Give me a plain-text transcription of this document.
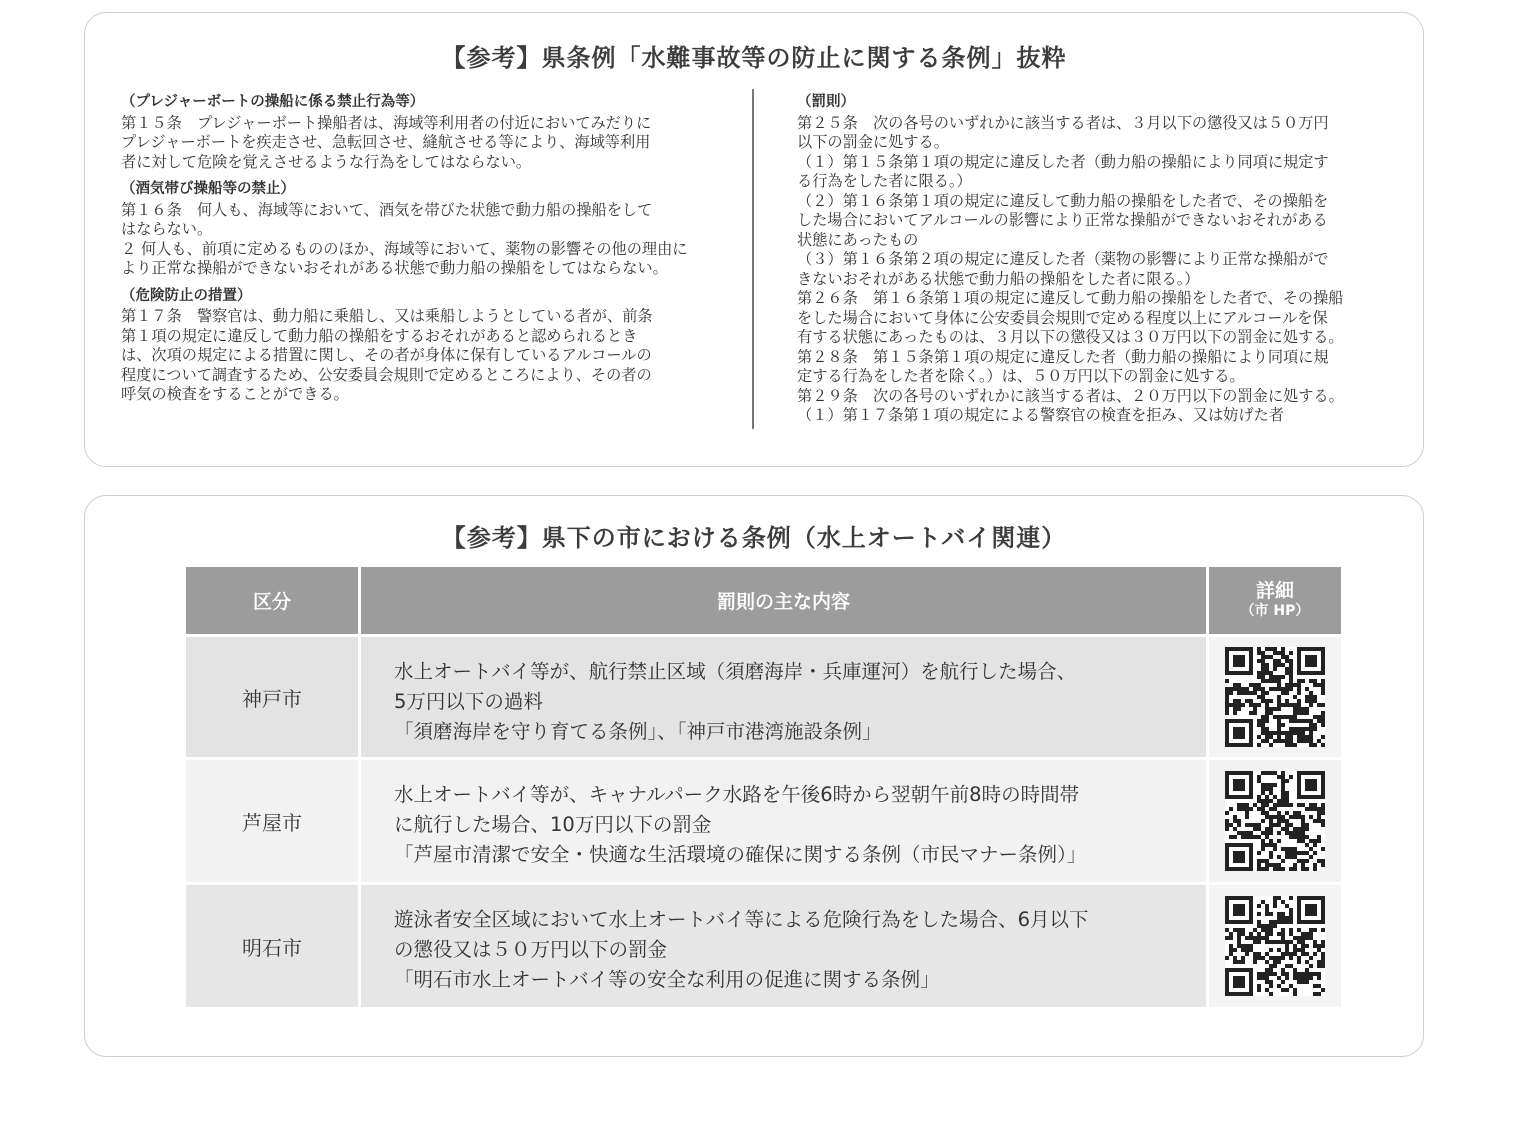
【参考】県条例「水難事故等の防止に関する条例」抜粋
（プレジャーボートの操船に係る禁止行為等）

第１５条　プレジャーボート操船者は、海域等利用者の付近においてみだりに
プレジャーボートを疾走させ、急転回させ、縫航させる等により、海域等利用
者に対して危険を覚えさせるような行為をしてはならない。

（酒気帯び操船等の禁止）

第１６条　何人も、海域等において、酒気を帯びた状態で動力船の操船をして
はならない。

２ 何人も、前項に定めるもののほか、海域等において、薬物の影響その他の理由に
より正常な操船ができないおそれがある状態で動力船の操船をしてはならない。

（危険防止の措置）

第１７条　警察官は、動力船に乗船し、又は乗船しようとしている者が、前条
第１項の規定に違反して動力船の操船をするおそれがあると認められるとき
は、次項の規定による措置に関し、その者が身体に保有しているアルコールの
程度について調査するため、公安委員会規則で定めるところにより、その者の
呼気の検査をすることができる。

（罰則）

第２５条　次の各号のいずれかに該当する者は、３月以下の懲役又は５０万円
以下の罰金に処する。

（１）第１５条第１項の規定に違反した者（動力船の操船により同項に規定す
る行為をした者に限る。）

（２）第１６条第１項の規定に違反して動力船の操船をした者で、その操船を
した場合においてアルコールの影響により正常な操船ができないおそれがある
状態にあったもの

（３）第１６条第２項の規定に違反した者（薬物の影響により正常な操船がで
きないおそれがある状態で動力船の操船をした者に限る。）

第２６条　第１６条第１項の規定に違反して動力船の操船をした者で、その操船
をした場合において身体に公安委員会規則で定める程度以上にアルコールを保
有する状態にあったものは、３月以下の懲役又は３０万円以下の罰金に処する。

第２８条　第１５条第１項の規定に違反した者（動力船の操船により同項に規
定する行為をした者を除く。）は、５０万円以下の罰金に処する。

第２９条　次の各号のいずれかに該当する者は、２０万円以下の罰金に処する。

（１）第１７条第１項の規定による警察官の検査を拒み、又は妨げた者

【参考】県下の市における条例（水上オートバイ関連）
区分	罰則の主な内容
詳細
（市 HP）
神戸市
水上オートバイ等が、航行禁止区域（須磨海岸・兵庫運河）を航行した場合、
5万円以下の過料
「須磨海岸を守り育てる条例」、「神戸市港湾施設条例」
芦屋市
水上オートバイ等が、キャナルパーク水路を午後6時から翌朝午前8時の時間帯
に航行した場合、10万円以下の罰金
「芦屋市清潔で安全・快適な生活環境の確保に関する条例（市民マナー条例）」
明石市
遊泳者安全区域において水上オートバイ等による危険行為をした場合、6月以下
の懲役又は５０万円以下の罰金
「明石市水上オートバイ等の安全な利用の促進に関する条例」
